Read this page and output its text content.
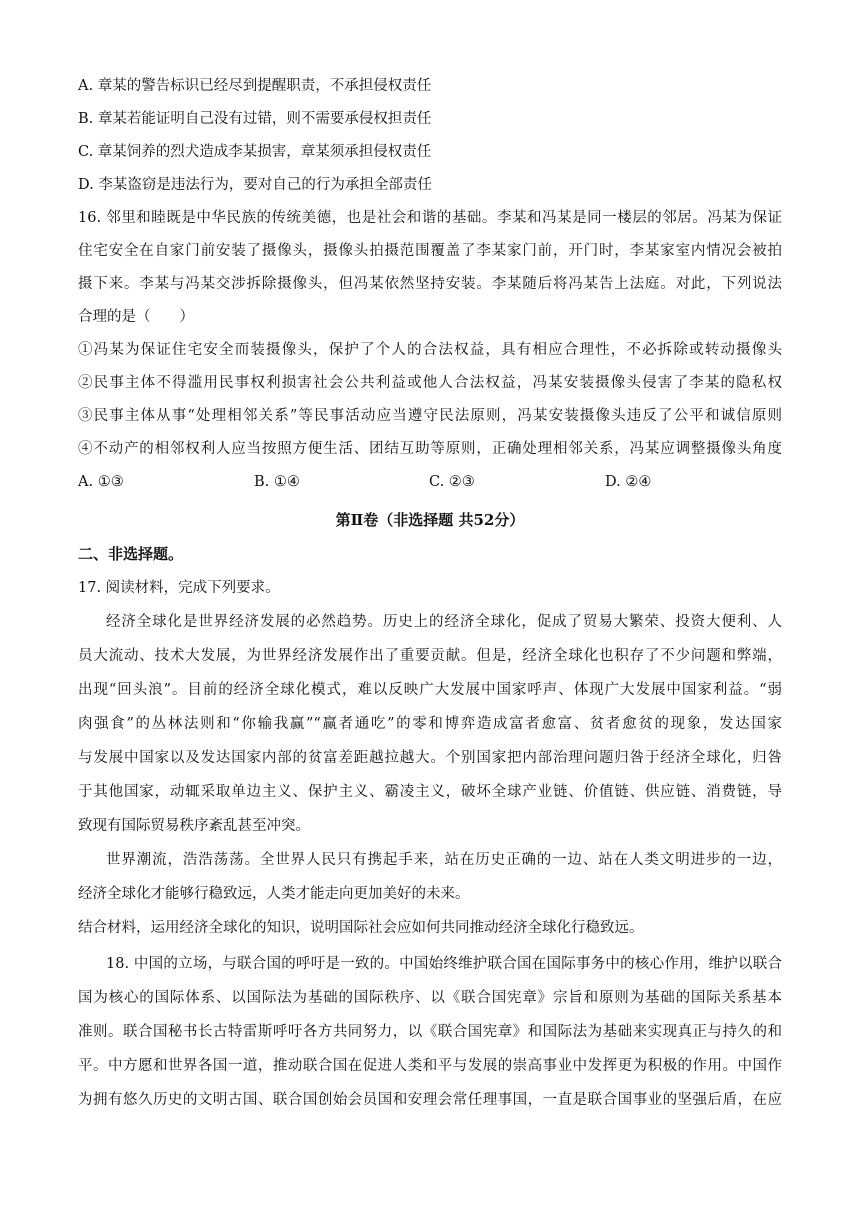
A. 章某的警告标识已经尽到提醒职责，不承担侵权责任
B. 章某若能证明自己没有过错，则不需要承侵权担责任
C. 章某饲养的烈犬造成李某损害，章某须承担侵权责任
D. 李某盗窃是违法行为，要对自己的行为承担全部责任
16. 邻里和睦既是中华民族的传统美德，也是社会和谐的基础。李某和冯某是同一楼层的邻居。冯某为保证
住宅安全在自家门前安装了摄像头，摄像头拍摄范围覆盖了李某家门前，开门时，李某家室内情况会被拍
摄下来。李某与冯某交涉拆除摄像头，但冯某依然坚持安装。李某随后将冯某告上法庭。对此，下列说法
合理的是（　　）
①冯某为保证住宅安全而装摄像头，保护了个人的合法权益，具有相应合理性，不必拆除或转动摄像头
②民事主体不得滥用民事权利损害社会公共利益或他人合法权益，冯某安装摄像头侵害了李某的隐私权
③民事主体从事“处理相邻关系”等民事活动应当遵守民法原则，冯某安装摄像头违反了公平和诚信原则
④不动产的相邻权利人应当按照方便生活、团结互助等原则，正确处理相邻关系，冯某应调整摄像头角度
A. ①③	B. ①④	C. ②③	D. ②④
第Ⅱ卷（非选择题 共52分）
二、非选择题。
17. 阅读材料，完成下列要求。
经济全球化是世界经济发展的必然趋势。历史上的经济全球化，促成了贸易大繁荣、投资大便利、人
员大流动、技术大发展，为世界经济发展作出了重要贡献。但是，经济全球化也积存了不少问题和弊端，
出现“回头浪”。目前的经济全球化模式，难以反映广大发展中国家呼声、体现广大发展中国家利益。“弱
肉强食”的丛林法则和“你输我赢”“赢者通吃”的零和博弈造成富者愈富、贫者愈贫的现象，发达国家
与发展中国家以及发达国家内部的贫富差距越拉越大。个别国家把内部治理问题归咎于经济全球化，归咎
于其他国家，动辄采取单边主义、保护主义、霸凌主义，破坏全球产业链、价值链、供应链、消费链，导
致现有国际贸易秩序紊乱甚至冲突。
世界潮流，浩浩荡荡。全世界人民只有携起手来，站在历史正确的一边、站在人类文明进步的一边，
经济全球化才能够行稳致远，人类才能走向更加美好的未来。
结合材料，运用经济全球化的知识，说明国际社会应如何共同推动经济全球化行稳致远。
18. 中国的立场，与联合国的呼吁是一致的。中国始终维护联合国在国际事务中的核心作用，维护以联合
国为核心的国际体系、以国际法为基础的国际秩序、以《联合国宪章》宗旨和原则为基础的国际关系基本
准则。联合国秘书长古特雷斯呼吁各方共同努力，以《联合国宪章》和国际法为基础来实现真正与持久的和
平。中方愿和世界各国一道，推动联合国在促进人类和平与发展的崇高事业中发挥更为积极的作用。中国作
为拥有悠久历史的文明古国、联合国创始会员国和安理会常任理事国，一直是联合国事业的坚强后盾，在应
